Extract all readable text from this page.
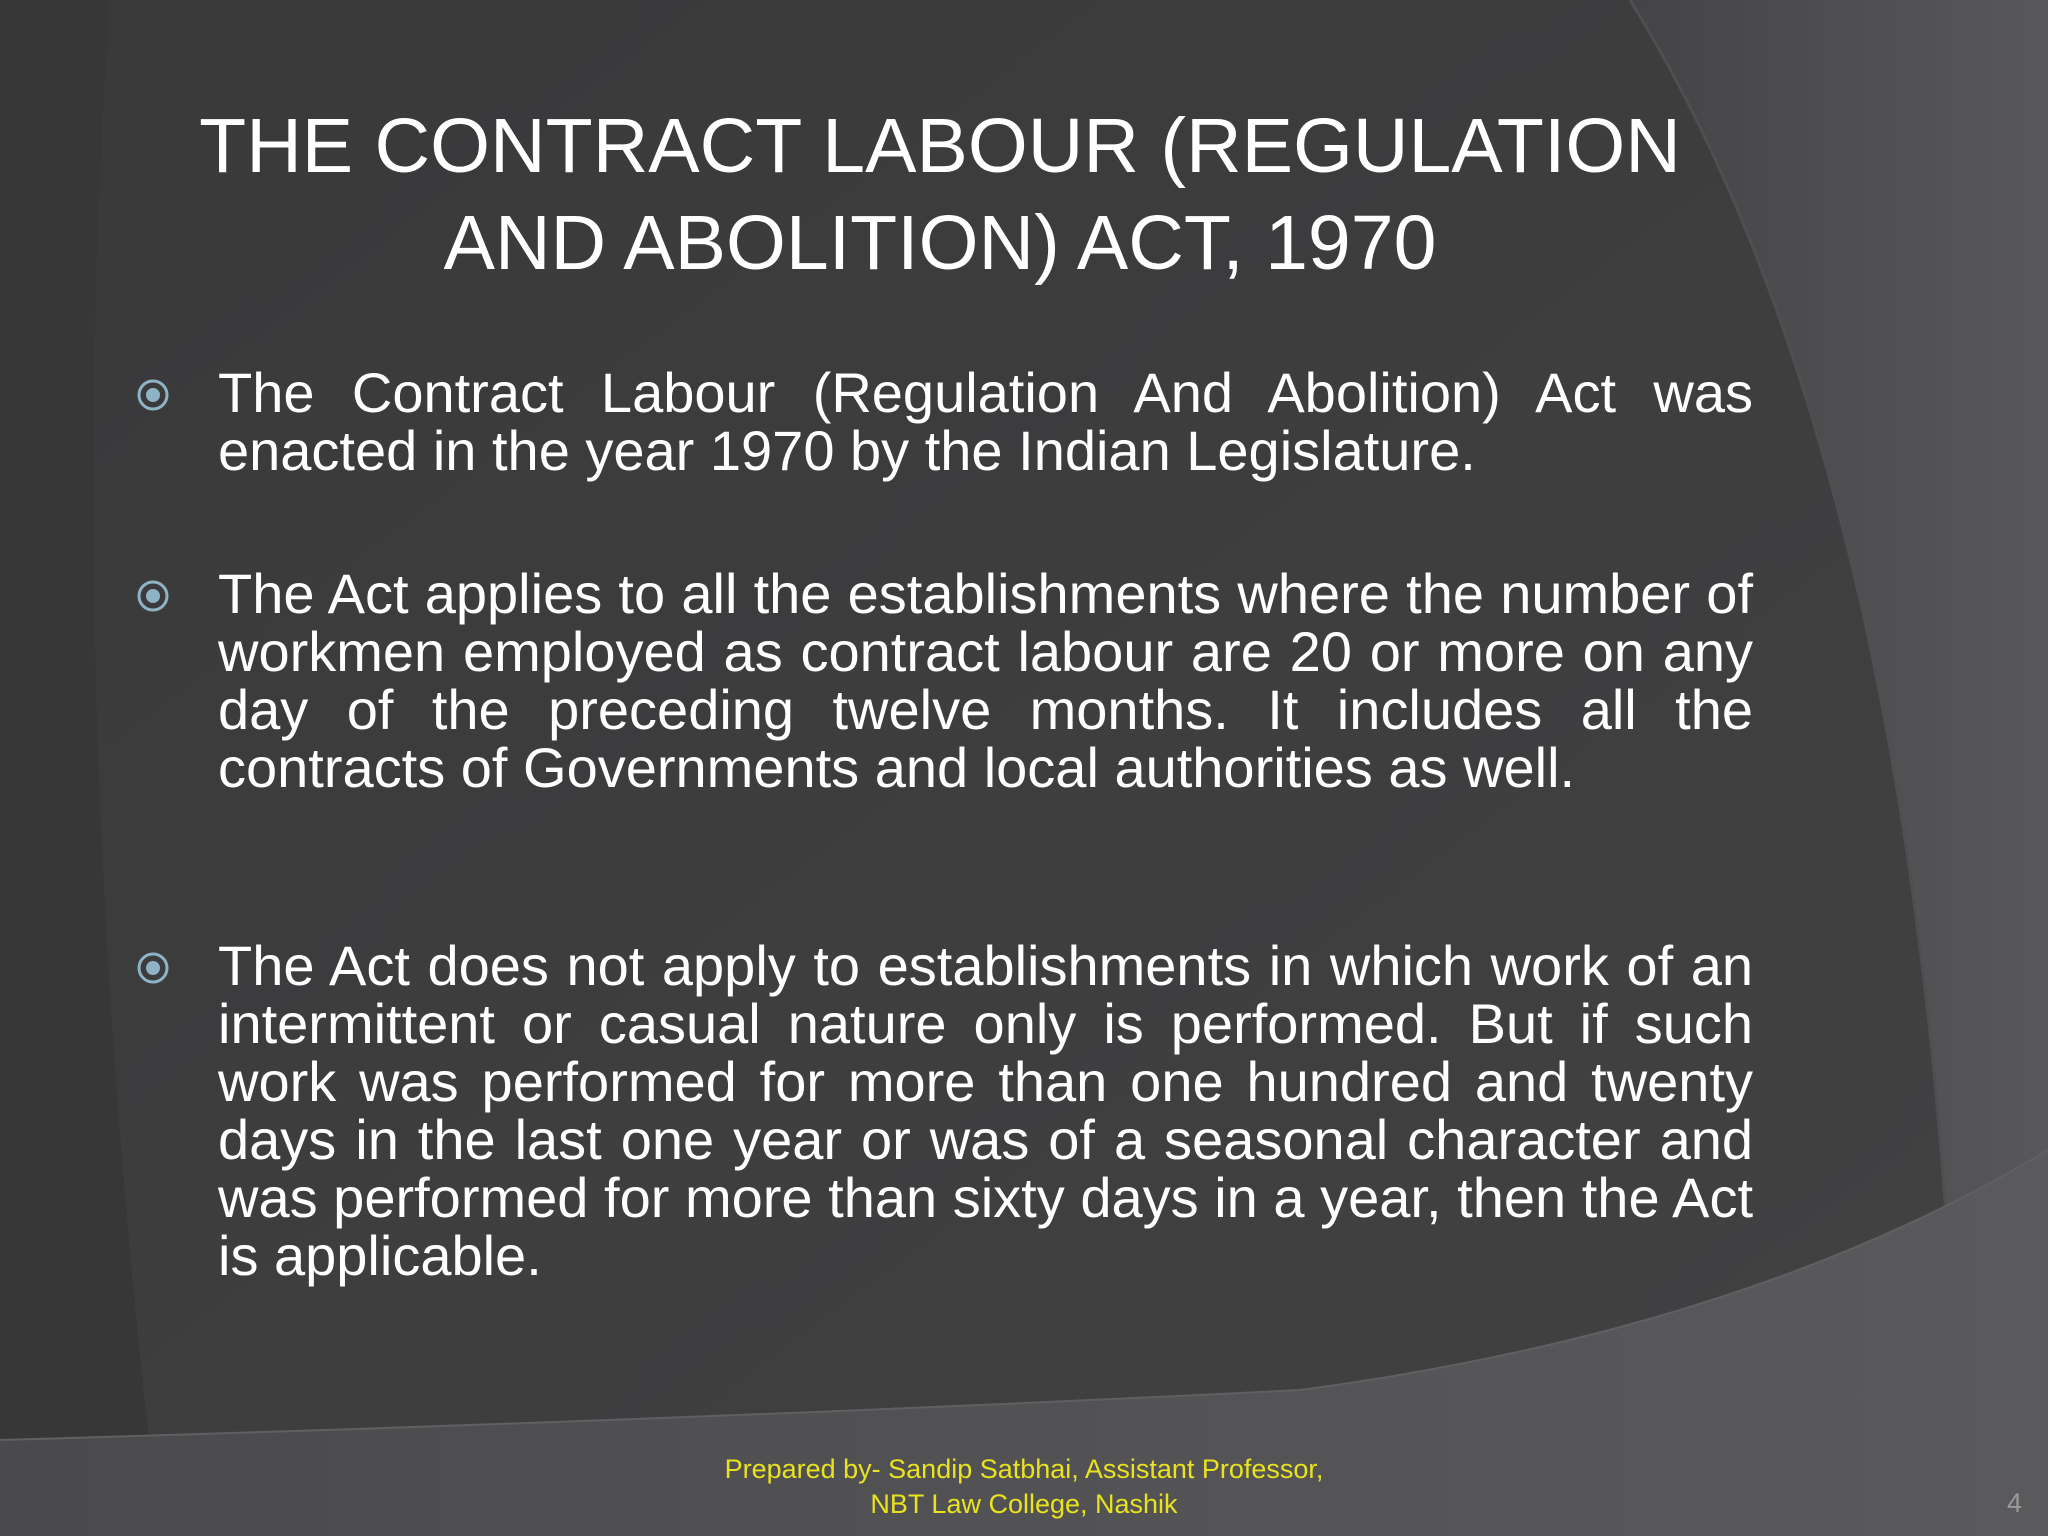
THE CONTRACT LABOUR (REGULATION
AND ABOLITION) ACT, 1970

The Contract Labour (Regulation And Abolition) Act was enacted in the year 1970 by the Indian Legislature.

The Act applies to all the establishments where the number of workmen employed as contract labour are 20 or more on any day of the preceding twelve months. It includes all the contracts of Governments and local authorities as well.

The Act does not apply to establishments in which work of an intermittent or casual nature only is performed. But if such work was performed for more than one hundred and twenty days in the last one year or was of a seasonal character and was performed for more than sixty days in a year, then the Act is applicable.

Prepared by- Sandip Satbhai, Assistant Professor,
NBT Law College, Nashik	4
